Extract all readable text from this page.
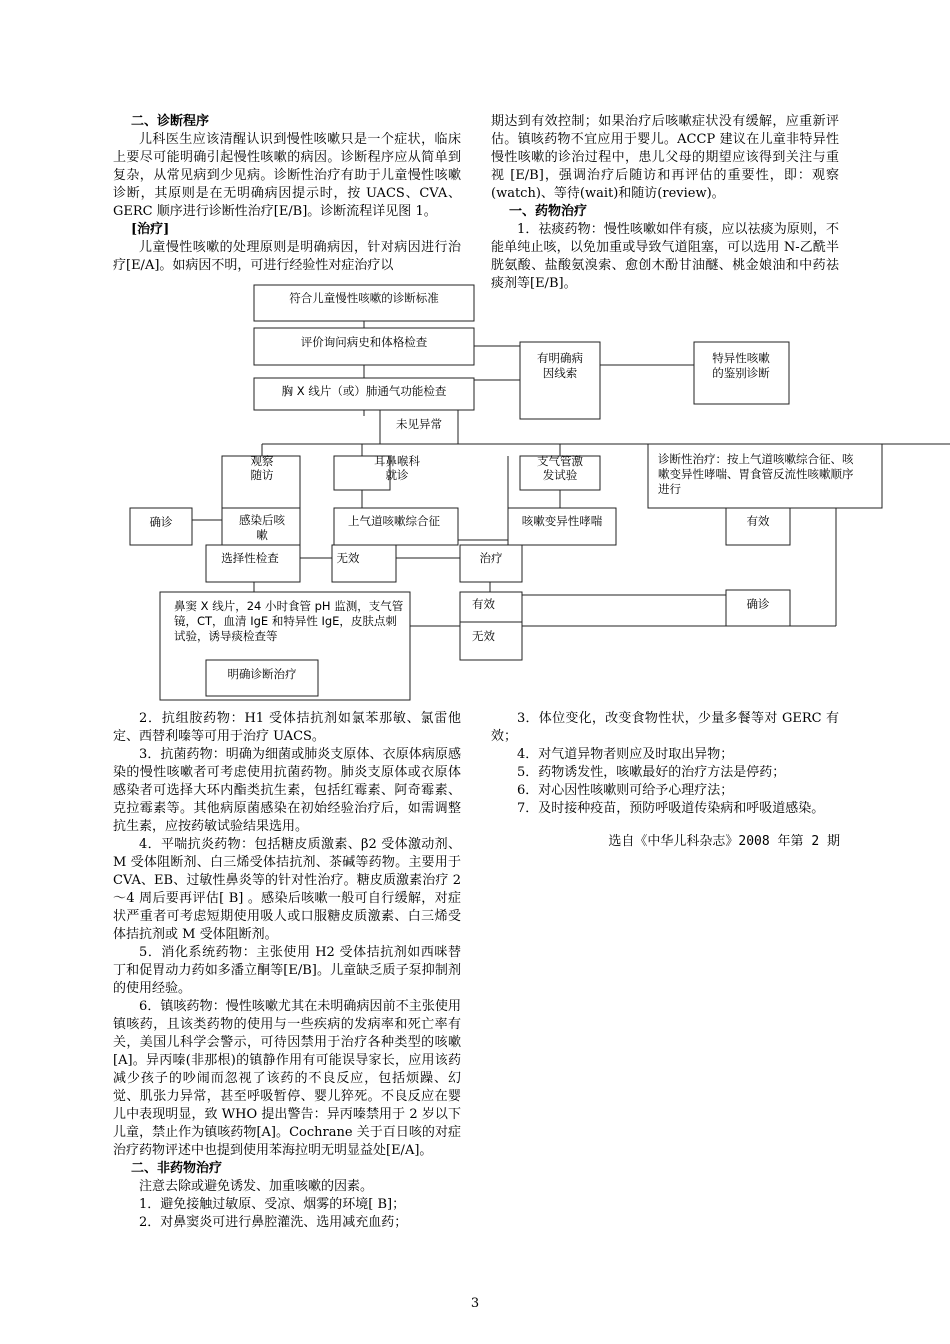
二、诊断程序

儿科医生应该清醒认识到慢性咳嗽只是一个症状，临床上要尽可能明确引起慢性咳嗽的病因。诊断程序应从简单到复杂，从常见病到少见病。诊断性治疗有助于儿童慢性咳嗽诊断，其原则是在无明确病因提示时，按 UACS、CVA、GERC 顺序进行诊断性治疗[E/B]。诊断流程详见图 1。

[治疗]

儿童慢性咳嗽的处理原则是明确病因，针对病因进行治疗[E/A]。如病因不明，可进行经验性对症治疗以

期达到有效控制；如果治疗后咳嗽症状没有缓解，应重新评估。镇咳药物不宜应用于婴儿。ACCP 建议在儿童非特异性慢性咳嗽的诊治过程中，患儿父母的期望应该得到关注与重视 [E/B]，强调治疗后随访和再评估的重要性，即：观察 (watch)、等待(wait)和随访(review)。

一、药物治疗

1．祛痰药物：慢性咳嗽如伴有痰，应以祛痰为原则，不能单纯止咳，以免加重或导致气道阻塞，可以选用 N-乙酰半胱氨酸、盐酸氨溴索、愈创木酚甘油醚、桃金娘油和中药祛痰剂等[E/B]。

符合儿童慢性咳嗽的诊断标准
评价询问病史和体格检查
胸 X 线片（或）肺通气功能检查
有明确病
因线索
特异性咳嗽
的鉴别诊断
未见异常
观察
随访
耳鼻喉科
就诊
支气管激
发试验
诊断性治疗：按上气道咳嗽综合征、咳
嗽变异性哮喘、胃食管反流性咳嗽顺序
进行
确诊	感染后咳
嗽
上气道咳嗽综合征	咳嗽变异性哮喘	有效
选择性检查	无效	治疗
鼻窦 X 线片，24 小时食管 pH 监测，支气管
镜，CT，血清 IgE 和特异性 IgE，皮肤点刺
试验，诱导痰检查等
有效
无效
确诊
明确诊断治疗

2．抗组胺药物：H1 受体拮抗剂如氯苯那敏、氯雷他定、西替利嗪等可用于治疗 UACS。

3．抗菌药物：明确为细菌或肺炎支原体、衣原体病原感染的慢性咳嗽者可考虑使用抗菌药物。肺炎支原体或衣原体感染者可选择大环内酯类抗生素，包括红霉素、阿奇霉素、 克拉霉素等。其他病原菌感染在初始经验治疗后，如需调整抗生素，应按药敏试验结果选用。

4．平喘抗炎药物：包括糖皮质激素、β2 受体激动剂、M 受体阻断剂、白三烯受体拮抗剂、茶碱等药物。主要用于 CVA、EB、过敏性鼻炎等的针对性治疗。糖皮质激素治疗 2～4 周后要再评估[ B] 。感染后咳嗽一般可自行缓解，对症状严重者可考虑短期使用吸人或口服糖皮质激素、白三烯受体拮抗剂或 M 受体阻断剂。

5．消化系统药物：主张使用 H2 受体拮抗剂如西咪替丁和促胃动力药如多潘立酮等[E/B]。儿童缺乏质子泵抑制剂的使用经验。

6．镇咳药物：慢性咳嗽尤其在未明确病因前不主张使用镇咳药，且该类药物的使用与一些疾病的发病率和死亡率有关，美国儿科学会警示，可待因禁用于治疗各种类型的咳嗽[A]。异丙嗪(非那根)的镇静作用有可能误导家长，应用该药减少孩子的吵闹而忽视了该药的不良反应，包括烦躁、幻觉、肌张力异常，甚至呼吸暂停、婴儿猝死。不良反应在婴儿中表现明显，致 WHO 提出警告：异丙嗪禁用于 2 岁以下儿童，禁止作为镇咳药物[A]。Cochrane 关于百日咳的对症治疗药物评述中也提到使用苯海拉明无明显益处[E/A]。

二、非药物治疗

注意去除或避免诱发、加重咳嗽的因素。

1．避免接触过敏原、受凉、烟雾的环境[ B]；

2．对鼻窦炎可进行鼻腔灌洗、选用减充血药；

3．体位变化，改变食物性状，少量多餐等对 GERC 有效；

4．对气道异物者则应及时取出异物；

5．药物诱发性，咳嗽最好的治疗方法是停药；

6．对心因性咳嗽则可给予心理疗法；

7．及时接种疫苗，预防呼吸道传染病和呼吸道感染。

选自《中华儿科杂志》2008 年第 2 期
3
